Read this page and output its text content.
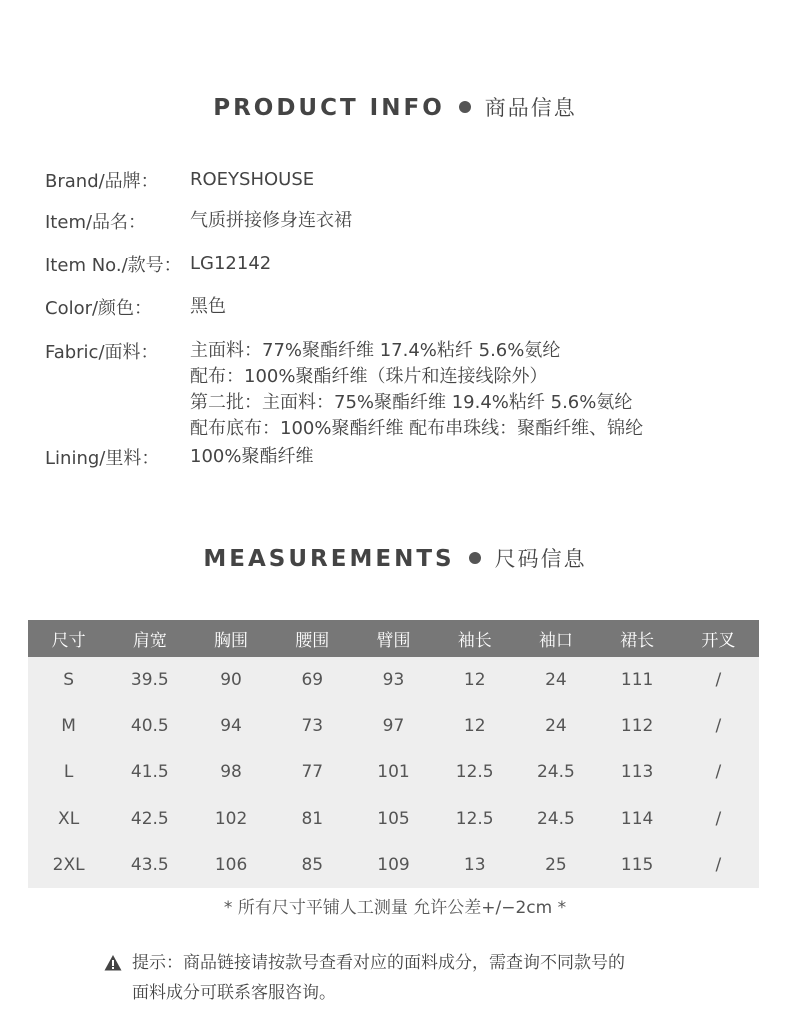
PRODUCT INFO 商品信息
Brand/品牌： ROEYSHOUSE
Item/品名： 气质拼接修身连衣裙
Item No./款号： LG12142
Color/颜色： 黑色
Fabric/面料： 主面料：77%聚酯纤维 17.4%粘纤 5.6%氨纶
配布：100%聚酯纤维（珠片和连接线除外）
第二批：主面料：75%聚酯纤维 19.4%粘纤 5.6%氨纶
配布底布：100%聚酯纤维 配布串珠线：聚酯纤维、锦纶
Lining/里料： 100%聚酯纤维
MEASUREMENTS 尺码信息
尺寸	肩宽	胸围	腰围	臂围	袖长	袖口	裙长	开叉
S	39.5	90	69	93	12	24	111	/
M	40.5	94	73	97	12	24	112	/
L	41.5	98	77	101	12.5	24.5	113	/
XL	42.5	102	81	105	12.5	24.5	114	/
2XL	43.5	106	85	109	13	25	115	/
* 所有尺寸平铺人工测量 允许公差+/−2cm *
提示：商品链接请按款号查看对应的面料成分，需查询不同款号的
面料成分可联系客服咨询。
